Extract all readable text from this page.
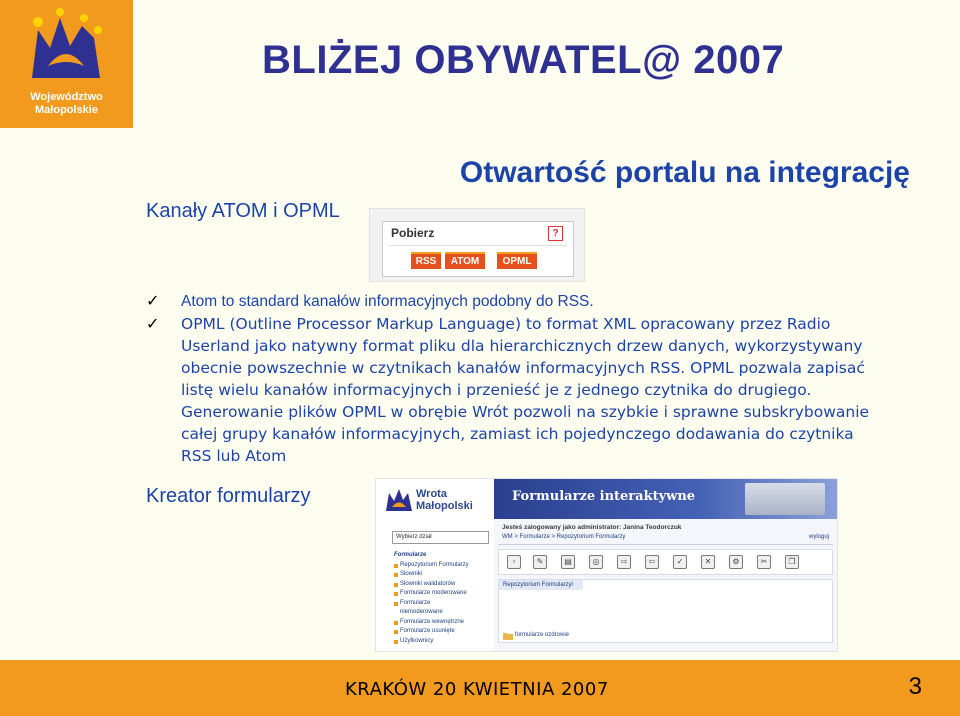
Województwo
Małopolskie
BLIŻEJ OBYWATEL@ 2007
Otwartość portalu na integrację
Kanały ATOM i OPML
Pobierz	?
RSS	ATOM	OPML
✓ Atom to standard kanałów informacyjnych podobny do RSS.
✓ OPML (Outline Processor Markup Language) to format XML opracowany przez Radio Userland jako natywny format pliku dla hierarchicznych drzew danych, wykorzystywany obecnie powszechnie w czytnikach kanałów informacyjnych RSS. OPML pozwala zapisać listę wielu kanałów informacyjnych i przenieść je z jednego czytnika do drugiego. Generowanie plików OPML w obrębie Wrót pozwoli na szybkie i sprawne subskrybowanie całej grupy kanałów informacyjnych, zamiast ich pojedynczego dodawania do czytnika RSS lub Atom
Kreator formularzy	Wrota
Małopolski
Formularze interaktywne
Wybierz dział
Formularze
Repozytorium Formularzy
Słowniki
Słowniki walidatorów
Formularze moderowane
Formularze
niemoderowane
Formularze wewnętrzne
Formularze usunięte
Użytkownicy
Jesteś zalogowany jako administrator: Janina Teodorczuk
WM > Formularze > Repozytorium Formularzy	wyloguj
▫	✎	▤	◎	⇨	⇦	✓	✕	⚙	✂	❐
Repozytorium Formularzy/
formularze ozdrowie
KRAKÓW 20 KWIETNIA 2007	3
